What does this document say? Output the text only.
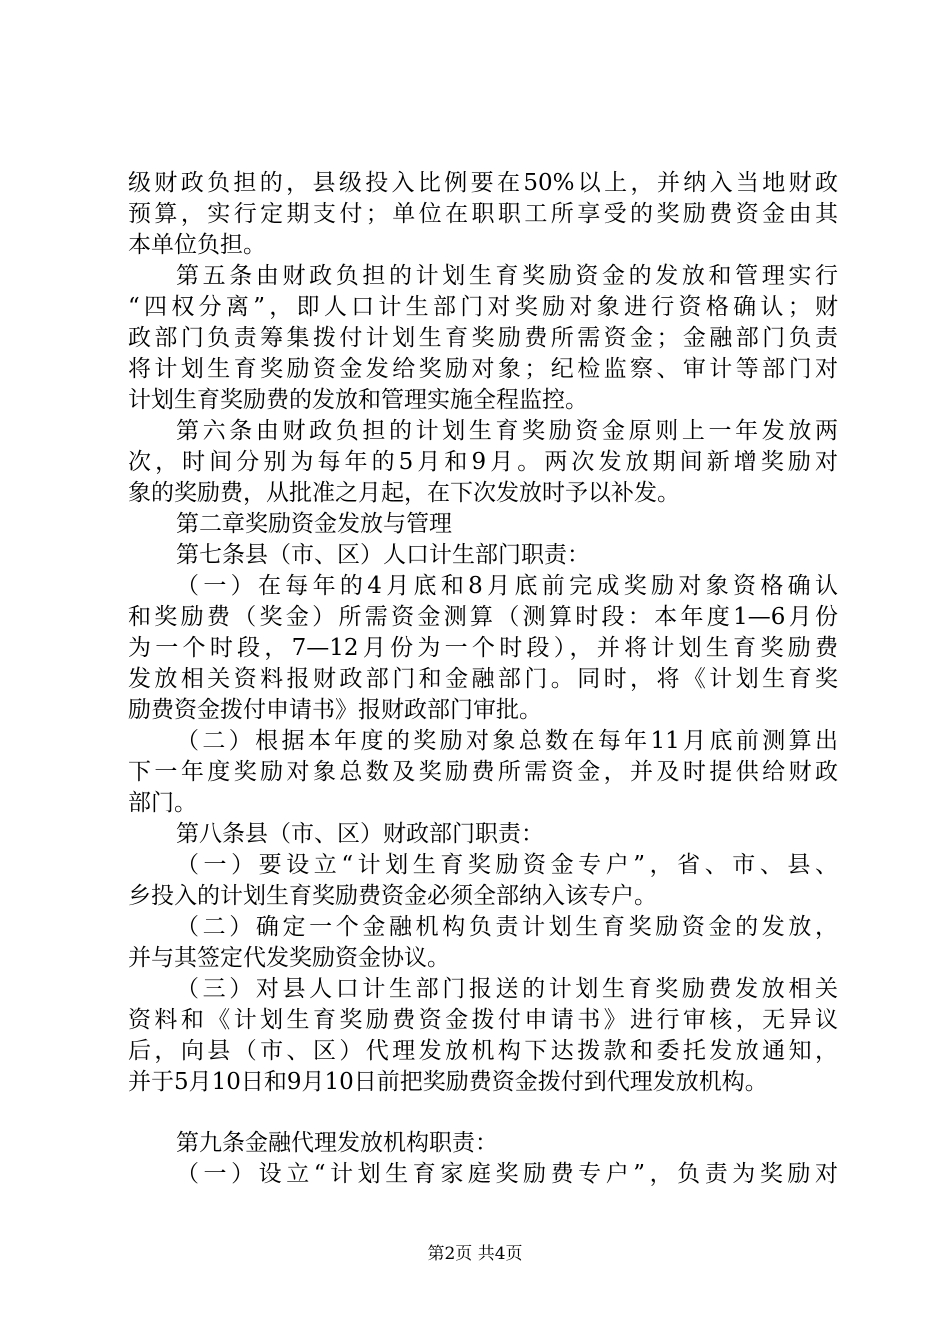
级财政负担的，县级投入比例要在50%以上，并纳入当地财政
预算，实行定期支付；单位在职职工所享受的奖励费资金由其
本单位负担。
第五条由财政负担的计划生育奖励资金的发放和管理实行
“四权分离”，即人口计生部门对奖励对象进行资格确认；财
政部门负责筹集拨付计划生育奖励费所需资金；金融部门负责
将计划生育奖励资金发给奖励对象；纪检监察、审计等部门对
计划生育奖励费的发放和管理实施全程监控。
第六条由财政负担的计划生育奖励资金原则上一年发放两
次，时间分别为每年的5月和9月。两次发放期间新增奖励对
象的奖励费，从批准之月起，在下次发放时予以补发。
第二章奖励资金发放与管理
第七条县（市、区）人口计生部门职责：
（一）在每年的4月底和8月底前完成奖励对象资格确认
和奖励费（奖金）所需资金测算（测算时段：本年度1—6月份
为一个时段，7—12月份为一个时段），并将计划生育奖励费
发放相关资料报财政部门和金融部门。同时，将《计划生育奖
励费资金拨付申请书》报财政部门审批。
（二）根据本年度的奖励对象总数在每年11月底前测算出
下一年度奖励对象总数及奖励费所需资金，并及时提供给财政
部门。
第八条县（市、区）财政部门职责：
（一）要设立“计划生育奖励资金专户”，省、市、县、
乡投入的计划生育奖励费资金必须全部纳入该专户。
（二）确定一个金融机构负责计划生育奖励资金的发放，
并与其签定代发奖励资金协议。
（三）对县人口计生部门报送的计划生育奖励费发放相关
资料和《计划生育奖励费资金拨付申请书》进行审核，无异议
后，向县（市、区）代理发放机构下达拨款和委托发放通知，
并于5月10日和9月10日前把奖励费资金拨付到代理发放机构。
第九条金融代理发放机构职责：
（一）设立“计划生育家庭奖励费专户”，负责为奖励对
第2页 共4页
